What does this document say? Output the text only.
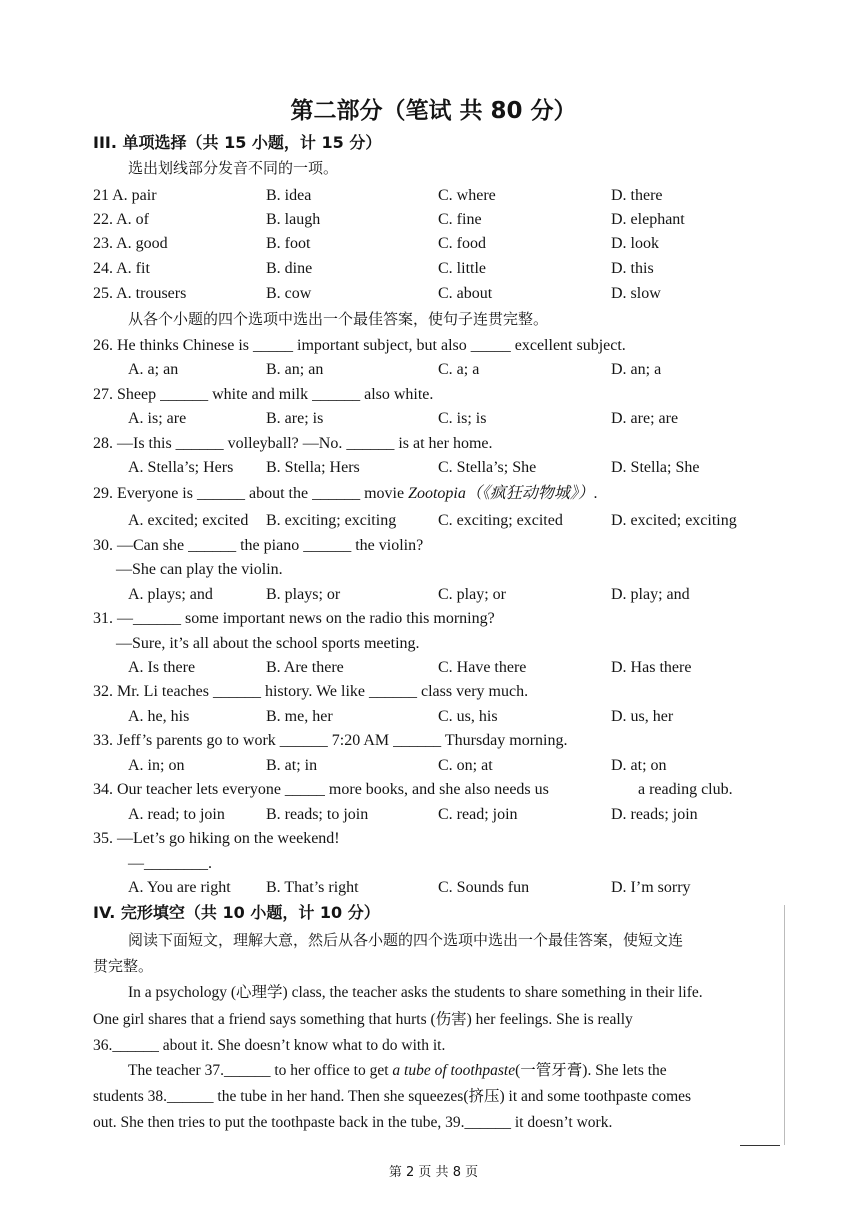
第二部分（笔试 共 80 分）
III. 单项选择（共 15 小题，计 15 分）
选出划线部分发音不同的一项。
21 A. pair	B. idea	C. where	D. there
22. A. of	B. laugh	C. fine	D. elephant
23. A. good	B. foot	C. food	D. look
24. A. fit	B. dine	C. little	D. this
25. A. trousers	B. cow	C. about	D. slow
从各个小题的四个选项中选出一个最佳答案，使句子连贯完整。
26. He thinks Chinese is _____ important subject, but also _____ excellent subject.
A. a; an	B. an; an	C. a; a	D. an; a
27. Sheep ______ white and milk ______ also white.
A. is; are	B. are; is	C. is; is	D. are; are
28. —Is this ______ volleyball? —No. ______ is at her home.
A. Stella’s; Hers B. Stella; Hers	C. Stella’s; She	D. Stella; She
29. Everyone is ______ about the ______ movie Zootopia（《疯狂动物城》）.
A. excited; excited B. exciting; exciting	C. exciting; excited	D. excited; exciting
30. —Can she ______ the piano ______ the violin?
—She can play the violin.
A. plays; and	B. plays; or	C. play; or	D. play; and
31. —______ some important news on the radio this morning?
—Sure, it’s all about the school sports meeting.
A. Is there	B. Are there	C. Have there	D. Has there
32. Mr. Li teaches ______ history. We like ______ class very much.
A. he, his	B. me, her	C. us, his	D. us, her
33. Jeff’s parents go to work ______ 7:20 AM ______ Thursday morning.
A. in; on	B. at; in	C. on; at	D. at; on
34. Our teacher lets everyone _____ more books, and she also needs us	a reading club.
A. read; to join	B. reads; to join	C. read; join	D. reads; join
35. —Let’s go hiking on the weekend!
—________.
A. You are right B. That’s right	C. Sounds fun	D. I’m sorry
IV. 完形填空（共 10 小题，计 10 分）
阅读下面短文，理解大意，然后从各小题的四个选项中选出一个最佳答案，使短文连
贯完整。
In a psychology (心理学) class, the teacher asks the students to share something in their life.
One girl shares that a friend says something that hurts (伤害) her feelings. She is really
36.______ about it. She doesn’t know what to do with it.
The teacher 37.______ to her office to get a tube of toothpaste(一管牙膏). She lets the
students 38.______ the tube in her hand. Then she squeezes(挤压) it and some toothpaste comes
out. She then tries to put the toothpaste back in the tube, 39.______ it doesn’t work.
第 2 页 共 8 页
